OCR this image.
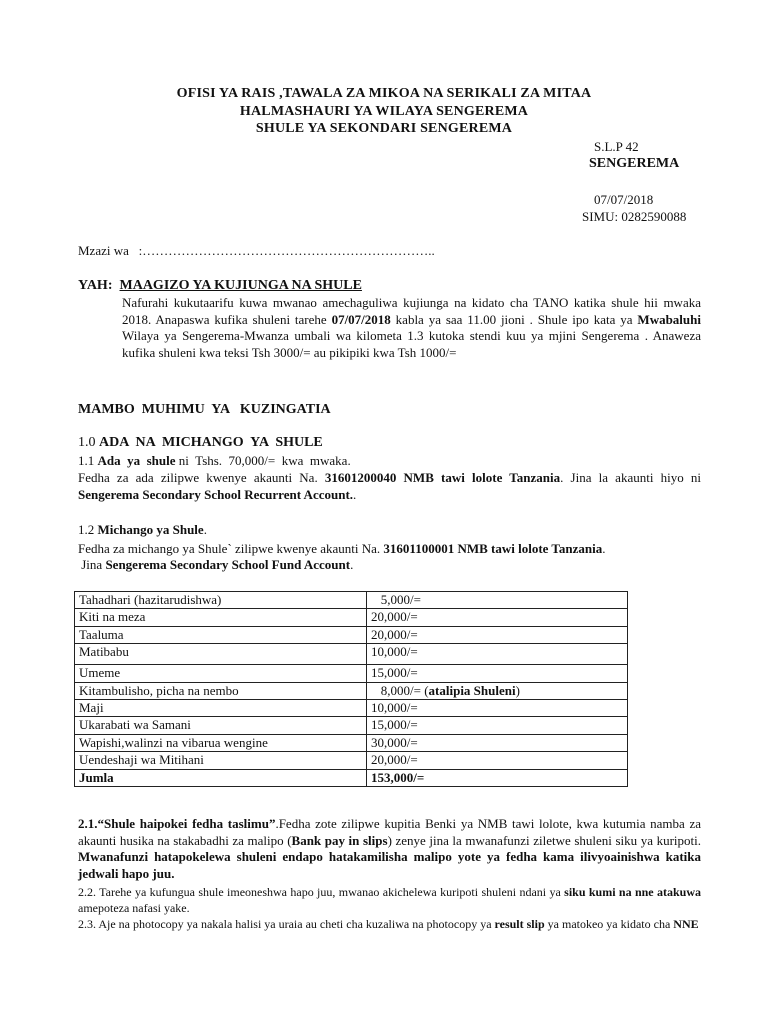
OFISI YA RAIS ,TAWALA ZA MIKOA NA SERIKALI ZA MITAA
HALMASHAURI YA WILAYA SENGEREMA
SHULE YA SEKONDARI SENGEREMA
S.L.P 42
SENGEREMA
07/07/2018
SIMU: 0282590088
Mzazi wa :…………………………………………………………..
YAH: MAAGIZO YA KUJIUNGA NA SHULE
Nafurahi kukutaarifu kuwa mwanao amechaguliwa kujiunga na kidato cha TANO katika shule hii mwaka 2018. Anapaswa kufika shuleni tarehe 07/07/2018 kabla ya saa 11.00 jioni . Shule ipo kata ya Mwabaluhi Wilaya ya Sengerema-Mwanza umbali wa kilometa 1.3 kutoka stendi kuu ya mjini Sengerema . Anaweza kufika shuleni kwa teksi Tsh 3000/= au pikipiki kwa Tsh 1000/=
MAMBO  MUHIMU  YA   KUZINGATIA
1.0 ADA  NA  MICHANGO  YA  SHULE
1.1 Ada  ya  shule ni  Tshs.  70,000/=  kwa  mwaka.
Fedha za ada zilipwe kwenye akaunti Na. 31601200040 NMB tawi lolote Tanzania. Jina la akaunti hiyo ni Sengerema Secondary School Recurrent Account..
1.2 Michango ya Shule.
Fedha za michango ya Shule` zilipwe kwenye akaunti Na. 31601100001 NMB tawi lolote Tanzania.
Jina Sengerema Secondary School Fund Account.
Tahadhari (hazitarudishwa)	5,000/=
Kiti na meza	20,000/=
Taaluma	20,000/=
Matibabu	10,000/=
Umeme	15,000/=
Kitambulisho, picha na nembo	8,000/= (atalipia Shuleni)
Maji	10,000/=
Ukarabati wa Samani	15,000/=
Wapishi,walinzi na vibarua wengine	30,000/=
Uendeshaji wa Mitihani	20,000/=
Jumla	153,000/=
2.1.“Shule haipokei fedha taslimu”.Fedha zote zilipwe kupitia Benki ya NMB tawi lolote, kwa kutumia namba za akaunti husika na stakabadhi za malipo (Bank pay in slips) zenye jina la mwanafunzi ziletwe shuleni siku ya kuripoti. Mwanafunzi hatapokelewa shuleni endapo hatakamilisha malipo yote ya fedha kama ilivyoainishwa katika jedwali hapo juu.
2.2. Tarehe ya kufungua shule imeoneshwa hapo juu, mwanao akichelewa kuripoti shuleni ndani ya siku kumi na nne atakuwa amepoteza nafasi yake.
2.3. Aje na photocopy ya nakala halisi ya uraia au cheti cha kuzaliwa na photocopy ya result slip ya matokeo ya kidato cha NNE
